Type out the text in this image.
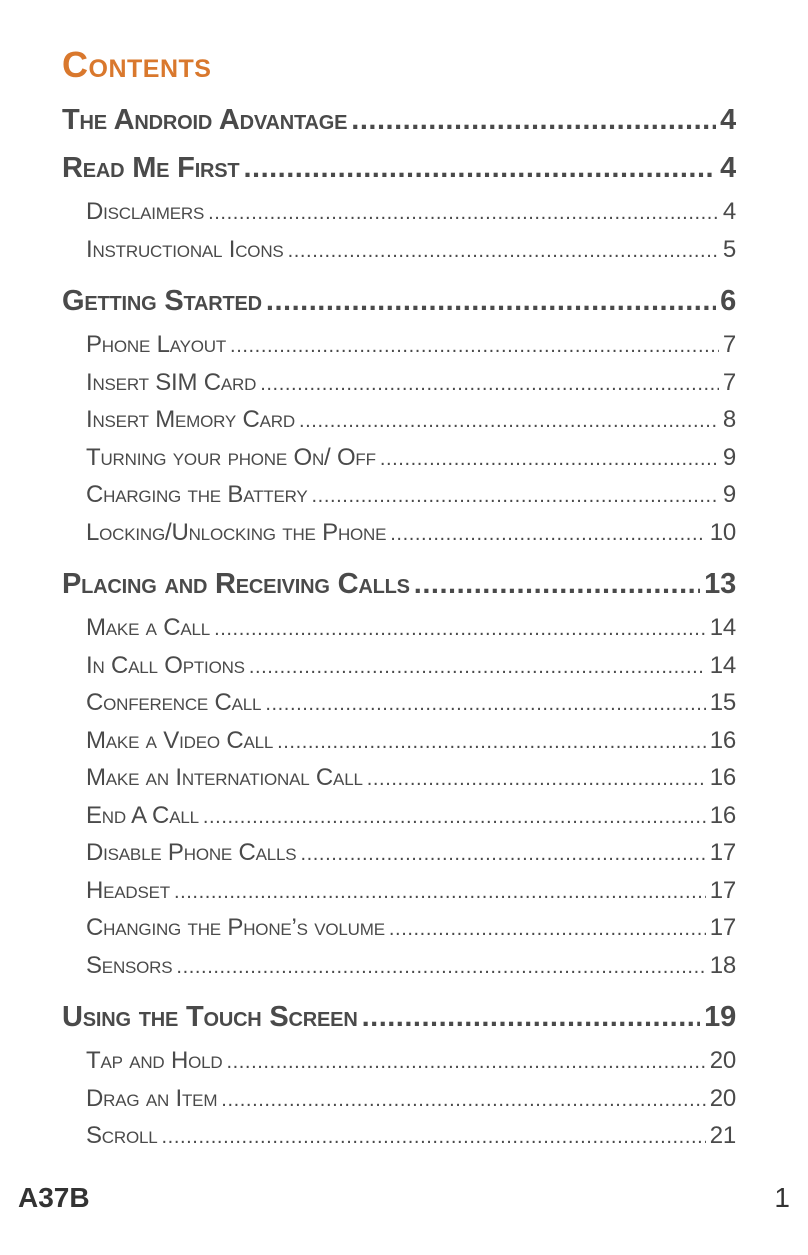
Contents
The Android Advantage .....	4
Read Me First .....	4
Disclaimers .....	4
Instructional Icons .....	5
Getting Started .....	6
Phone Layout .....	7
Insert SIM Card .....	7
Insert Memory Card .....	8
Turning your phone On/ Off .....	9
Charging the Battery .....	9
Locking/Unlocking the Phone .....	10
Placing and Receiving Calls .....	13
Make a Call .....	14
In Call Options .....	14
Conference Call .....	15
Make a Video Call .....	16
Make an International Call .....	16
End A Call .....	16
Disable Phone Calls .....	17
Headset .....	17
Changing the Phone’s volume .....	17
Sensors .....	18
Using the Touch Screen .....	19
Tap and Hold .....	20
Drag an Item .....	20
Scroll .....	21

A37B	1
